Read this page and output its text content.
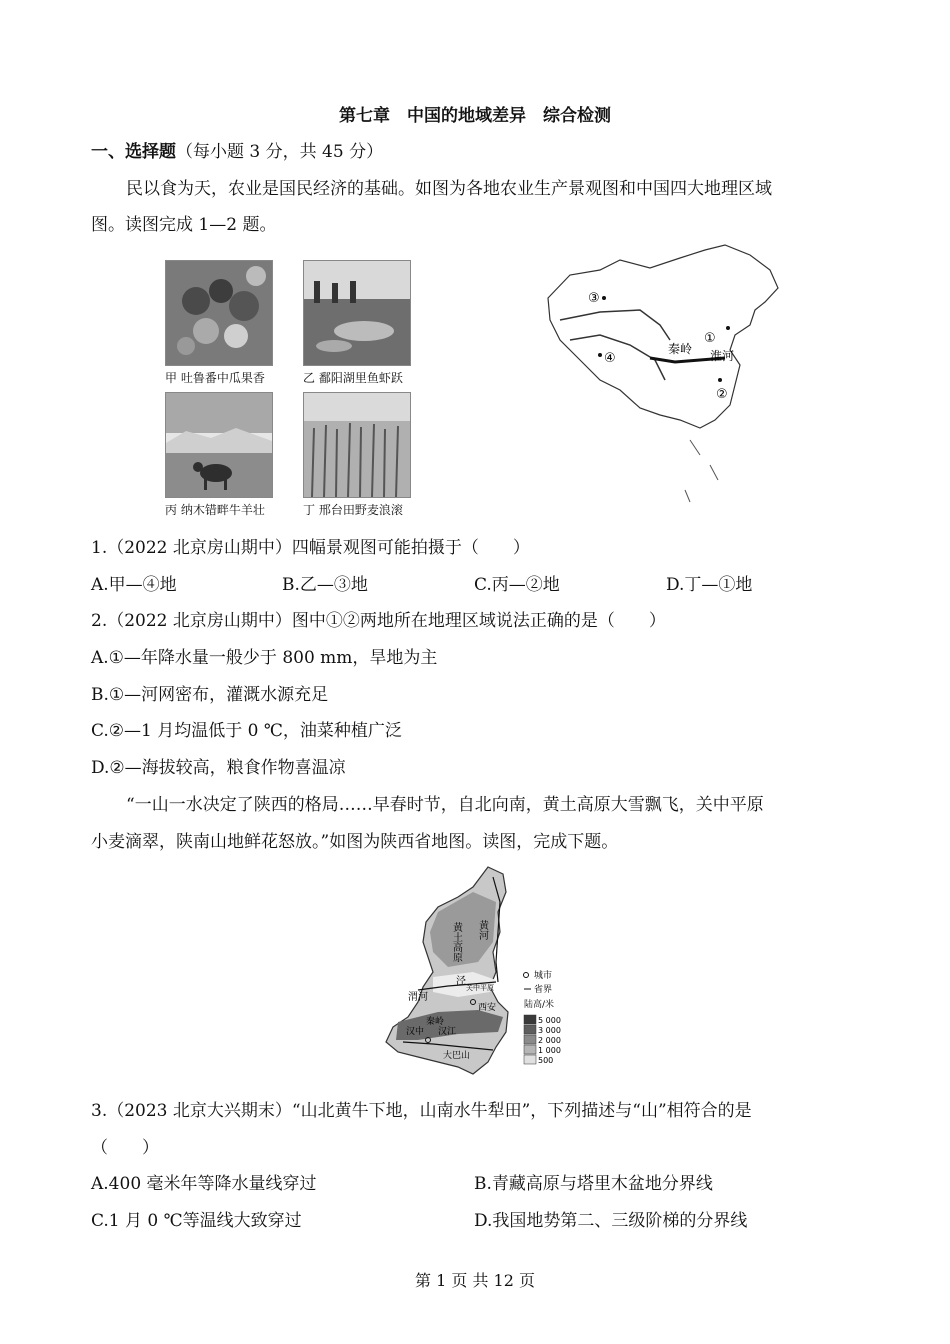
第七章　中国的地域差异　综合检测
一、选择题（每小题 3 分，共 45 分）
民以食为天，农业是国民经济的基础。如图为各地农业生产景观图和中国四大地理区域
图。读图完成 1—2 题。
甲 吐鲁番中瓜果香	乙 鄱阳湖里鱼虾跃
丙 纳木错畔牛羊壮	丁 邢台田野麦浪滚
③
④
①
②
秦岭 淮河
1.（2022 北京房山期中）四幅景观图可能拍摄于（　　）
A.甲—④地	B.乙—③地	C.丙—②地	D.丁—①地
2.（2022 北京房山期中）图中①②两地所在地理区域说法正确的是（　　）
A.①—年降水量一般少于 800 mm，旱地为主
B.①—河网密布，灌溉水源充足
C.②—1 月均温低于 0 ℃，油菜种植广泛
D.②—海拔较高，粮食作物喜温凉
“一山一水决定了陕西的格局……早春时节，自北向南，黄土高原大雪飘飞，关中平原
小麦滴翠，陕南山地鲜花怒放。”如图为陕西省地图。读图，完成下题。
黄土高原 黄河
渭河
泾
关中平原
西安
汉中 汉江
秦岭
大巴山
城市
省界
陆高/米
5 000
3 000
2 000
1 000
500
3.（2023 北京大兴期末）“山北黄牛下地，山南水牛犁田”，下列描述与“山”相符合的是
（　　）
A.400 毫米年等降水量线穿过	B.青藏高原与塔里木盆地分界线
C.1 月 0 ℃等温线大致穿过	D.我国地势第二、三级阶梯的分界线
第 1 页 共 12 页
